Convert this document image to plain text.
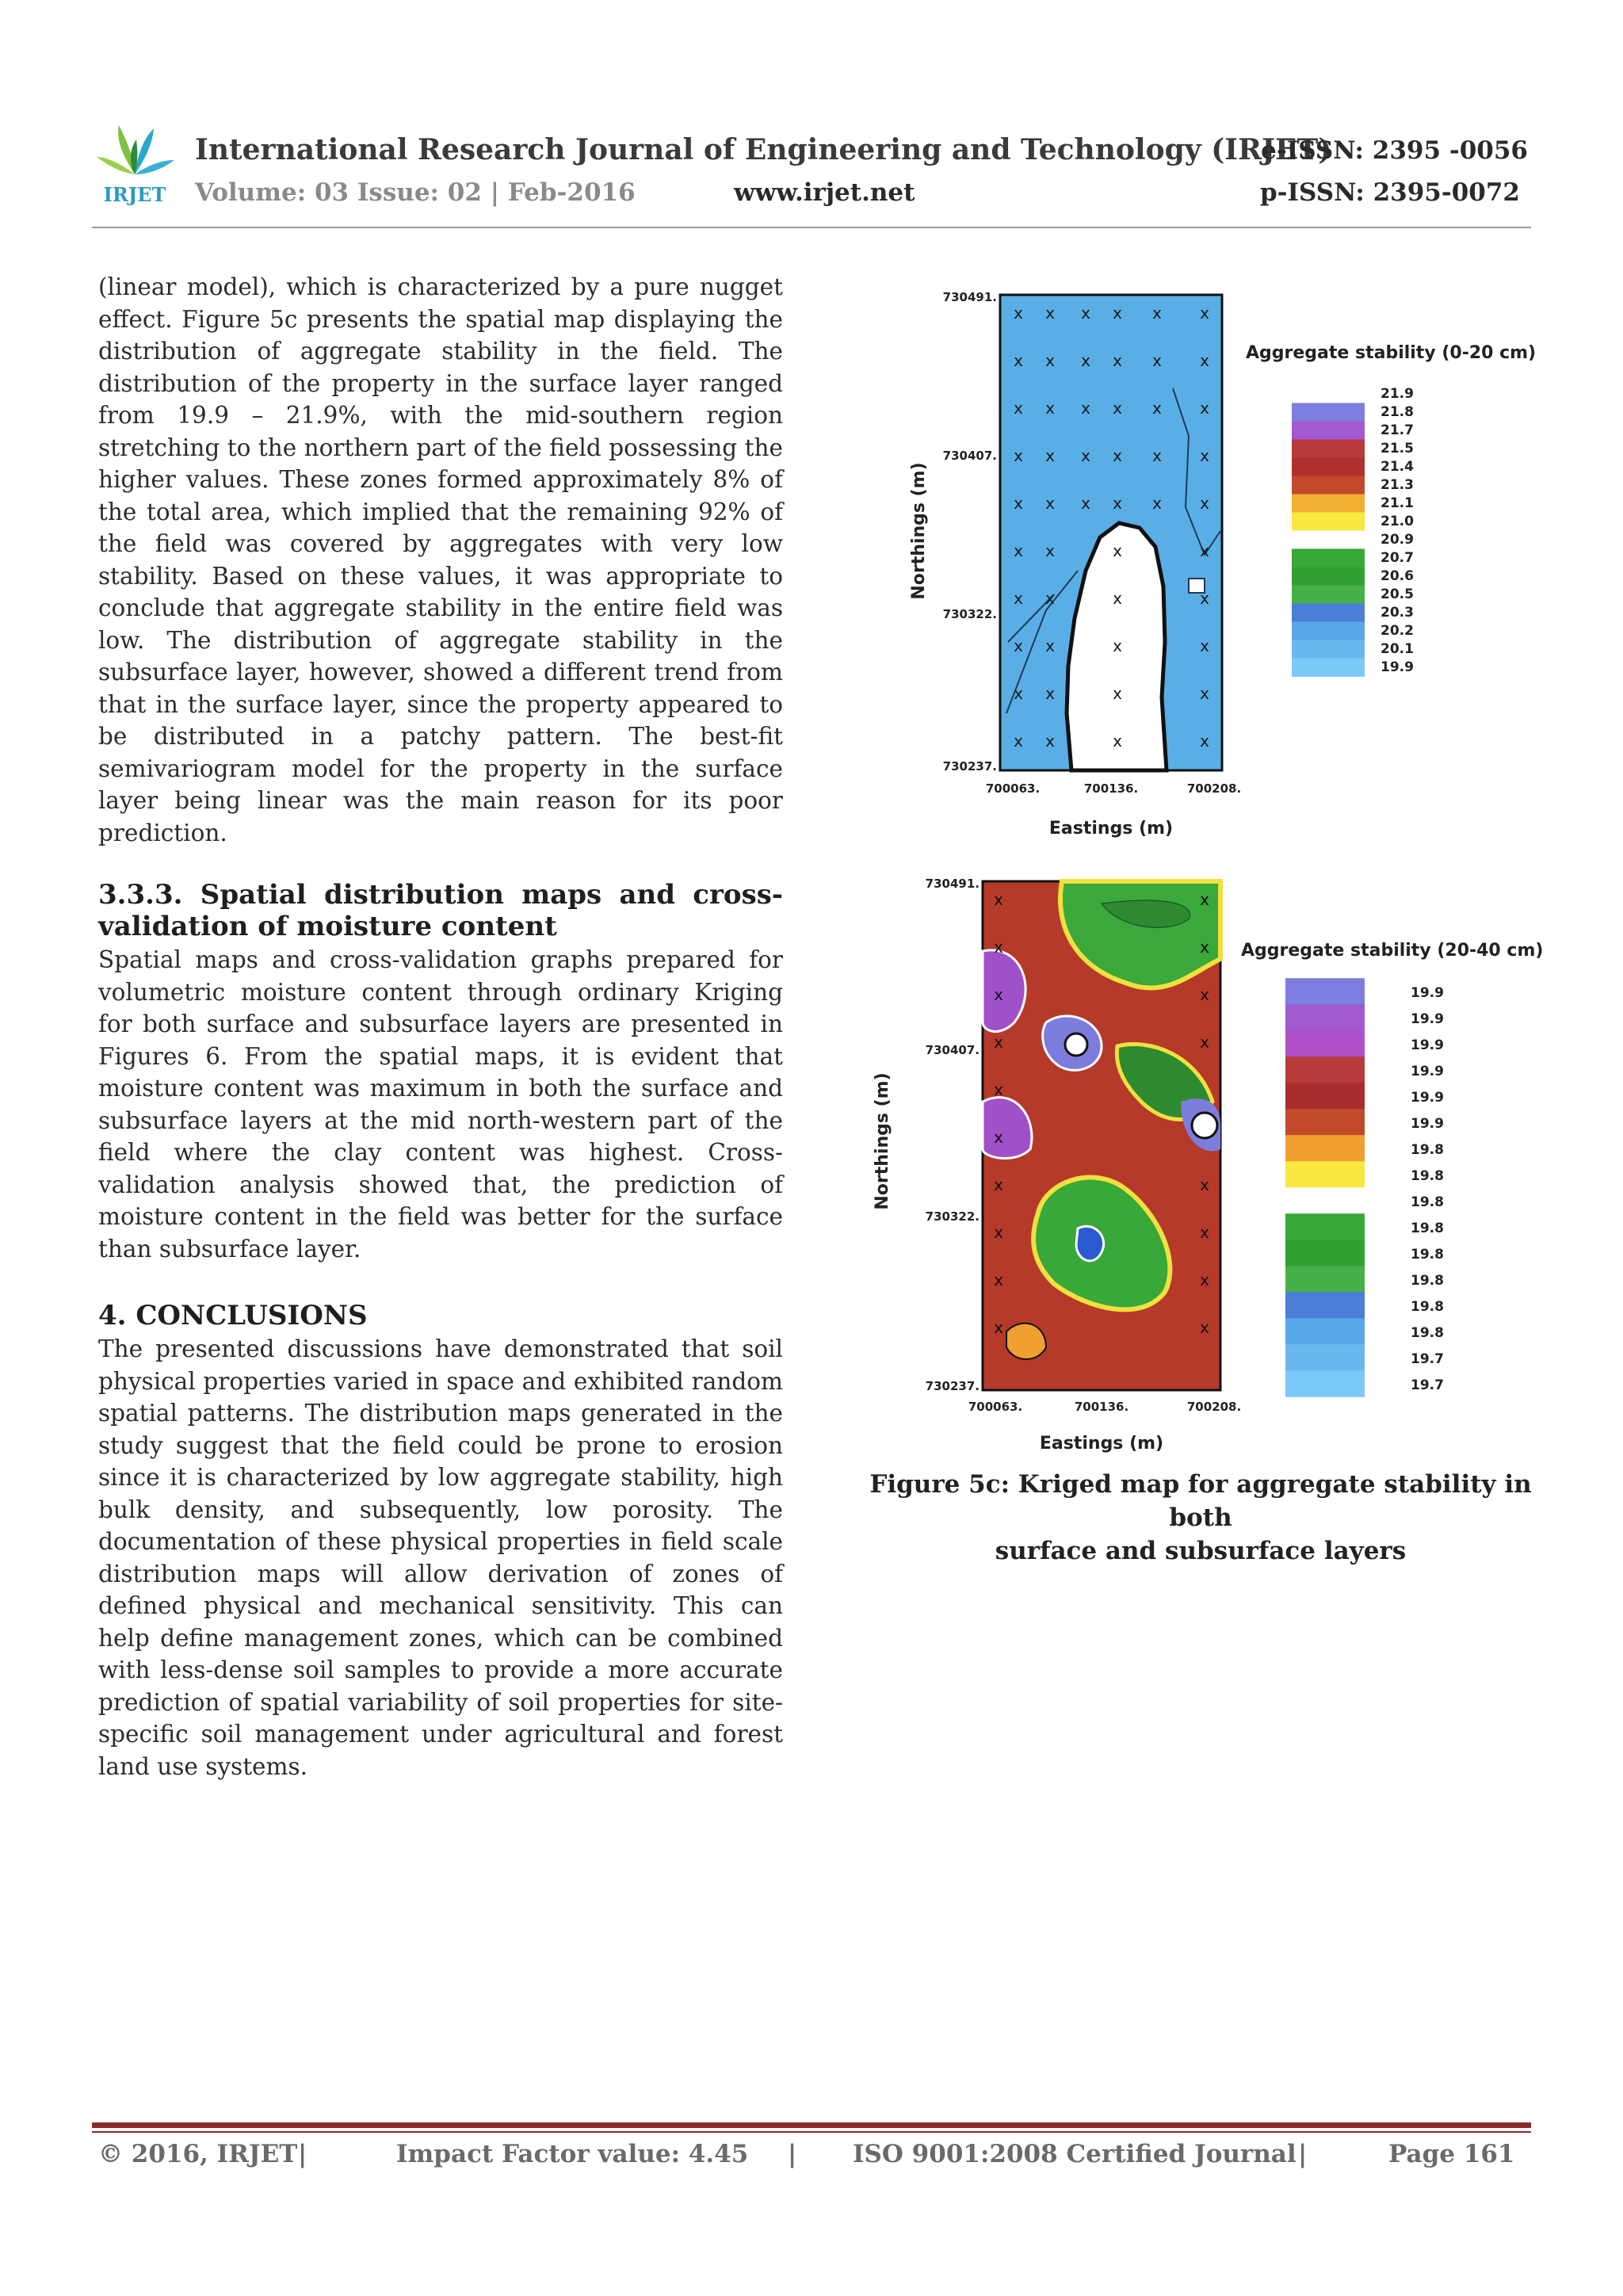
IRJET
International Research Journal of Engineering and Technology (IRJET)
e-ISSN: 2395 -0056
Volume: 03 Issue: 02 | Feb-2016	www.irjet.net	p-ISSN: 2395-0072

(linear model), which is characterized by a pure nugget effect. Figure 5c presents the spatial map displaying the distribution of aggregate stability in the field. The distribution of the property in the surface layer ranged from 19.9 – 21.9%, with the mid-southern region stretching to the northern part of the field possessing the higher values. These zones formed approximately 8% of the total area, which implied that the remaining 92% of the field was covered by aggregates with very low stability. Based on these values, it was appropriate to conclude that aggregate stability in the entire field was low. The distribution of aggregate stability in the subsurface layer, however, showed a different trend from that in the surface layer, since the property appeared to be distributed in a patchy pattern. The best-fit semivariogram model for the property in the surface layer being linear was the main reason for its poor prediction.

3.3.3. Spatial distribution maps and cross-

validation of moisture content

Spatial maps and cross-validation graphs prepared for volumetric moisture content through ordinary Kriging for both surface and subsurface layers are presented in Figures 6. From the spatial maps, it is evident that moisture content was maximum in both the surface and subsurface layers at the mid north-western part of the field where the clay content was highest. Cross-validation analysis showed that, the prediction of moisture content in the field was better for the surface than subsurface layer.

4. CONCLUSIONS

The presented discussions have demonstrated that soil physical properties varied in space and exhibited random spatial patterns. The distribution maps generated in the study suggest that the field could be prone to erosion since it is characterized by low aggregate stability, high bulk density, and subsequently, low porosity. The documentation of these physical properties in field scale distribution maps will allow derivation of zones of defined physical and mechanical sensitivity. This can help define management zones, which can be combined with less-dense soil samples to provide a more accurate prediction of spatial variability of soil properties for site-specific soil management under agricultural and forest land use systems.

x x x x x x
x x x x x x
x x x x x x
x x x x x x
x x x x x x
x x	x	x
x x	x	x
x x	x	x
x x	x	x
x x	x	x
730491.
730407.
730322.
730237.
700063.	700136.	700208.
Eastings (m)
Northings (m)
Aggregate stability (0-20 cm)
21.9
21.8
21.7
21.5
21.4
21.3
21.1
21.0
20.9
20.7
20.6
20.5
20.3
20.2
20.1
19.9
x
x
x
x
x
x
x
x
x
x
x
x
x
x
x
x
x
x
730491.
730407.
730322.
730237.
700063.	700136.	700208.
Eastings (m)
Northings (m)
Aggregate stability (20-40 cm)
19.9
19.9
19.9
19.9
19.9
19.9
19.8
19.8
19.8
19.8
19.8
19.8
19.8
19.8
19.7
19.7
Figure 5c: Kriged map for aggregate stability in both
surface and subsurface layers
© 2016, IRJET |	Impact Factor value: 4.45 | ISO 9001:2008 Certified Journal |	Page 161
